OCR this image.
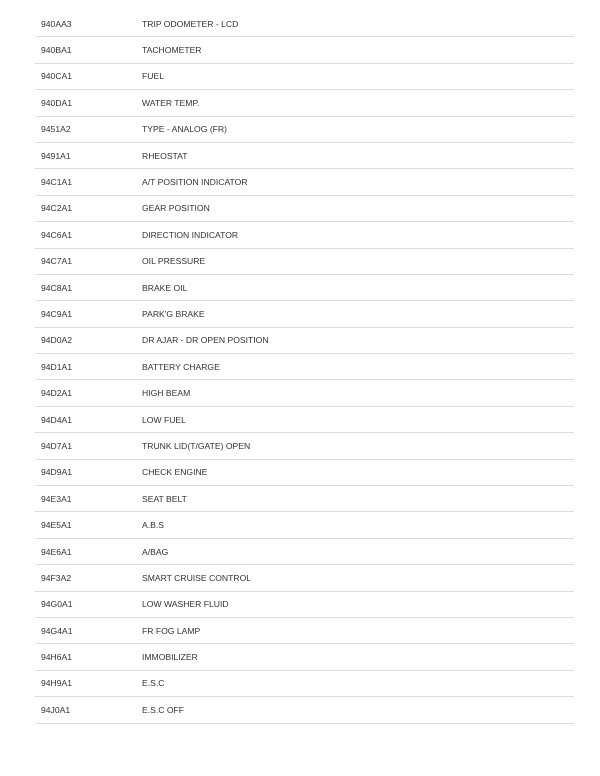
940AA3	TRIP ODOMETER - LCD
940BA1	TACHOMETER
940CA1	FUEL
940DA1	WATER TEMP.
9451A2	TYPE - ANALOG (FR)
9491A1	RHEOSTAT
94C1A1	A/T POSITION INDICATOR
94C2A1	GEAR POSITION
94C6A1	DIRECTION INDICATOR
94C7A1	OIL PRESSURE
94C8A1	BRAKE OIL
94C9A1	PARK'G BRAKE
94D0A2	DR AJAR - DR OPEN POSITION
94D1A1	BATTERY CHARGE
94D2A1	HIGH BEAM
94D4A1	LOW FUEL
94D7A1	TRUNK LID(T/GATE) OPEN
94D9A1	CHECK ENGINE
94E3A1	SEAT BELT
94E5A1	A.B.S
94E6A1	A/BAG
94F3A2	SMART CRUISE CONTROL
94G0A1	LOW WASHER FLUID
94G4A1	FR FOG LAMP
94H6A1	IMMOBILIZER
94H9A1	E.S.C
94J0A1	E.S.C OFF
